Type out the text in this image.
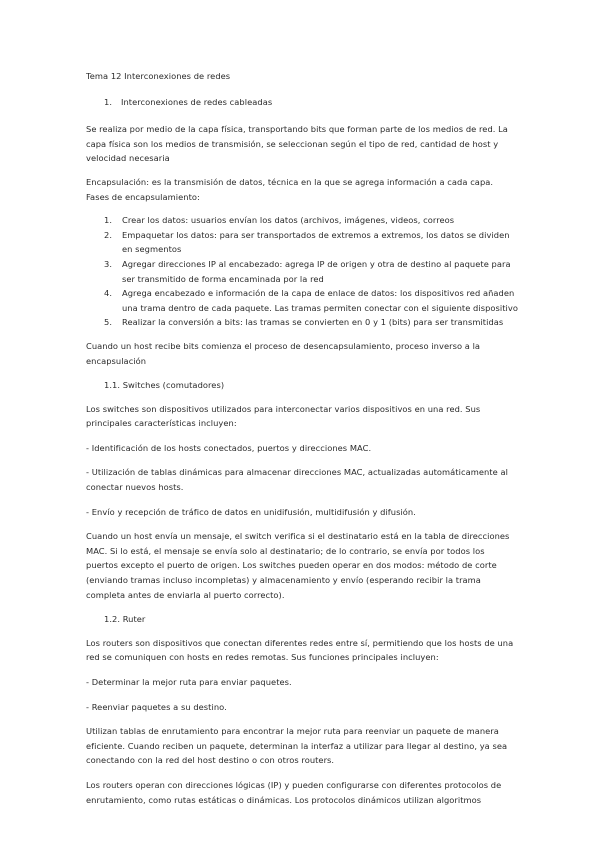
Tema 12 Interconexiones de redes

1. Interconexiones de redes cableadas

Se realiza por medio de la capa física, transportando bits que forman parte de los medios de red. La capa física son los medios de transmisión, se seleccionan según el tipo de red, cantidad de host y velocidad necesaria

Encapsulación: es la transmisión de datos, técnica en la que se agrega información a cada capa. Fases de encapsulamiento:

1. Crear los datos: usuarios envían los datos (archivos, imágenes, videos, correos
2. Empaquetar los datos: para ser transportados de extremos a extremos, los datos se dividen en segmentos
3. Agregar direcciones IP al encabezado: agrega IP de origen y otra de destino al paquete para ser transmitido de forma encaminada por la red
4. Agrega encabezado e información de la capa de enlace de datos: los dispositivos red añaden una trama dentro de cada paquete. Las tramas permiten conectar con el siguiente dispositivo
5. Realizar la conversión a bits: las tramas se convierten en 0 y 1 (bits) para ser transmitidas

Cuando un host recibe bits comienza el proceso de desencapsulamiento, proceso inverso a la encapsulación

1.1. Switches (comutadores)

Los switches son dispositivos utilizados para interconectar varios dispositivos en una red. Sus principales características incluyen:

- Identificación de los hosts conectados, puertos y direcciones MAC.

- Utilización de tablas dinámicas para almacenar direcciones MAC, actualizadas automáticamente al conectar nuevos hosts.

- Envío y recepción de tráfico de datos en unidifusión, multidifusión y difusión.

Cuando un host envía un mensaje, el switch verifica si el destinatario está en la tabla de direcciones MAC. Si lo está, el mensaje se envía solo al destinatario; de lo contrario, se envía por todos los puertos excepto el puerto de origen. Los switches pueden operar en dos modos: método de corte (enviando tramas incluso incompletas) y almacenamiento y envío (esperando recibir la trama completa antes de enviarla al puerto correcto).

1.2. Ruter

Los routers son dispositivos que conectan diferentes redes entre sí, permitiendo que los hosts de una red se comuniquen con hosts en redes remotas. Sus funciones principales incluyen:

- Determinar la mejor ruta para enviar paquetes.

- Reenviar paquetes a su destino.

Utilizan tablas de enrutamiento para encontrar la mejor ruta para reenviar un paquete de manera eficiente. Cuando reciben un paquete, determinan la interfaz a utilizar para llegar al destino, ya sea conectando con la red del host destino o con otros routers.

Los routers operan con direcciones lógicas (IP) y pueden configurarse con diferentes protocolos de enrutamiento, como rutas estáticas o dinámicas. Los protocolos dinámicos utilizan algoritmos
